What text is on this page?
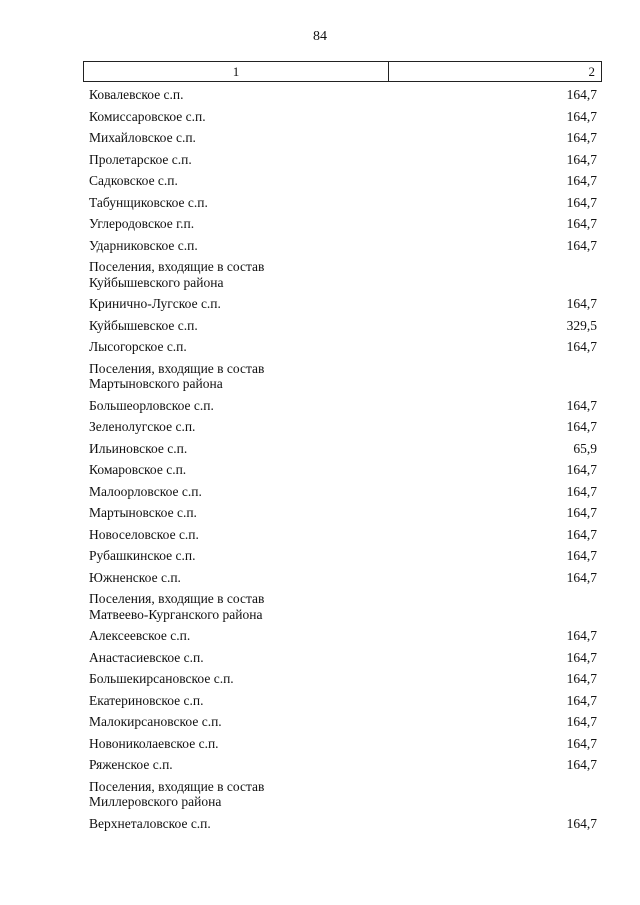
84
1	2
Ковалевское с.п.	164,7
Комиссаровское с.п.	164,7
Михайловское с.п.	164,7
Пролетарское с.п.	164,7
Садковское с.п.	164,7
Табунщиковское с.п.	164,7
Углеродовское г.п.	164,7
Ударниковское с.п.	164,7
Поселения, входящие в состав
Куйбышевского района
Кринично-Лугское с.п.	164,7
Куйбышевское с.п.	329,5
Лысогорское с.п.	164,7
Поселения, входящие в состав
Мартыновского района
Большеорловское с.п.	164,7
Зеленолугское с.п.	164,7
Ильиновское с.п.	65,9
Комаровское с.п.	164,7
Малоорловское с.п.	164,7
Мартыновское с.п.	164,7
Новоселовское с.п.	164,7
Рубашкинское с.п.	164,7
Южненское с.п.	164,7
Поселения, входящие в состав
Матвеево-Курганского района
Алексеевское с.п.	164,7
Анастасиевское с.п.	164,7
Большекирсановское с.п.	164,7
Екатериновское с.п.	164,7
Малокирсановское с.п.	164,7
Новониколаевское с.п.	164,7
Ряженское с.п.	164,7
Поселения, входящие в состав
Миллеровского района
Верхнеталовское с.п.	164,7
